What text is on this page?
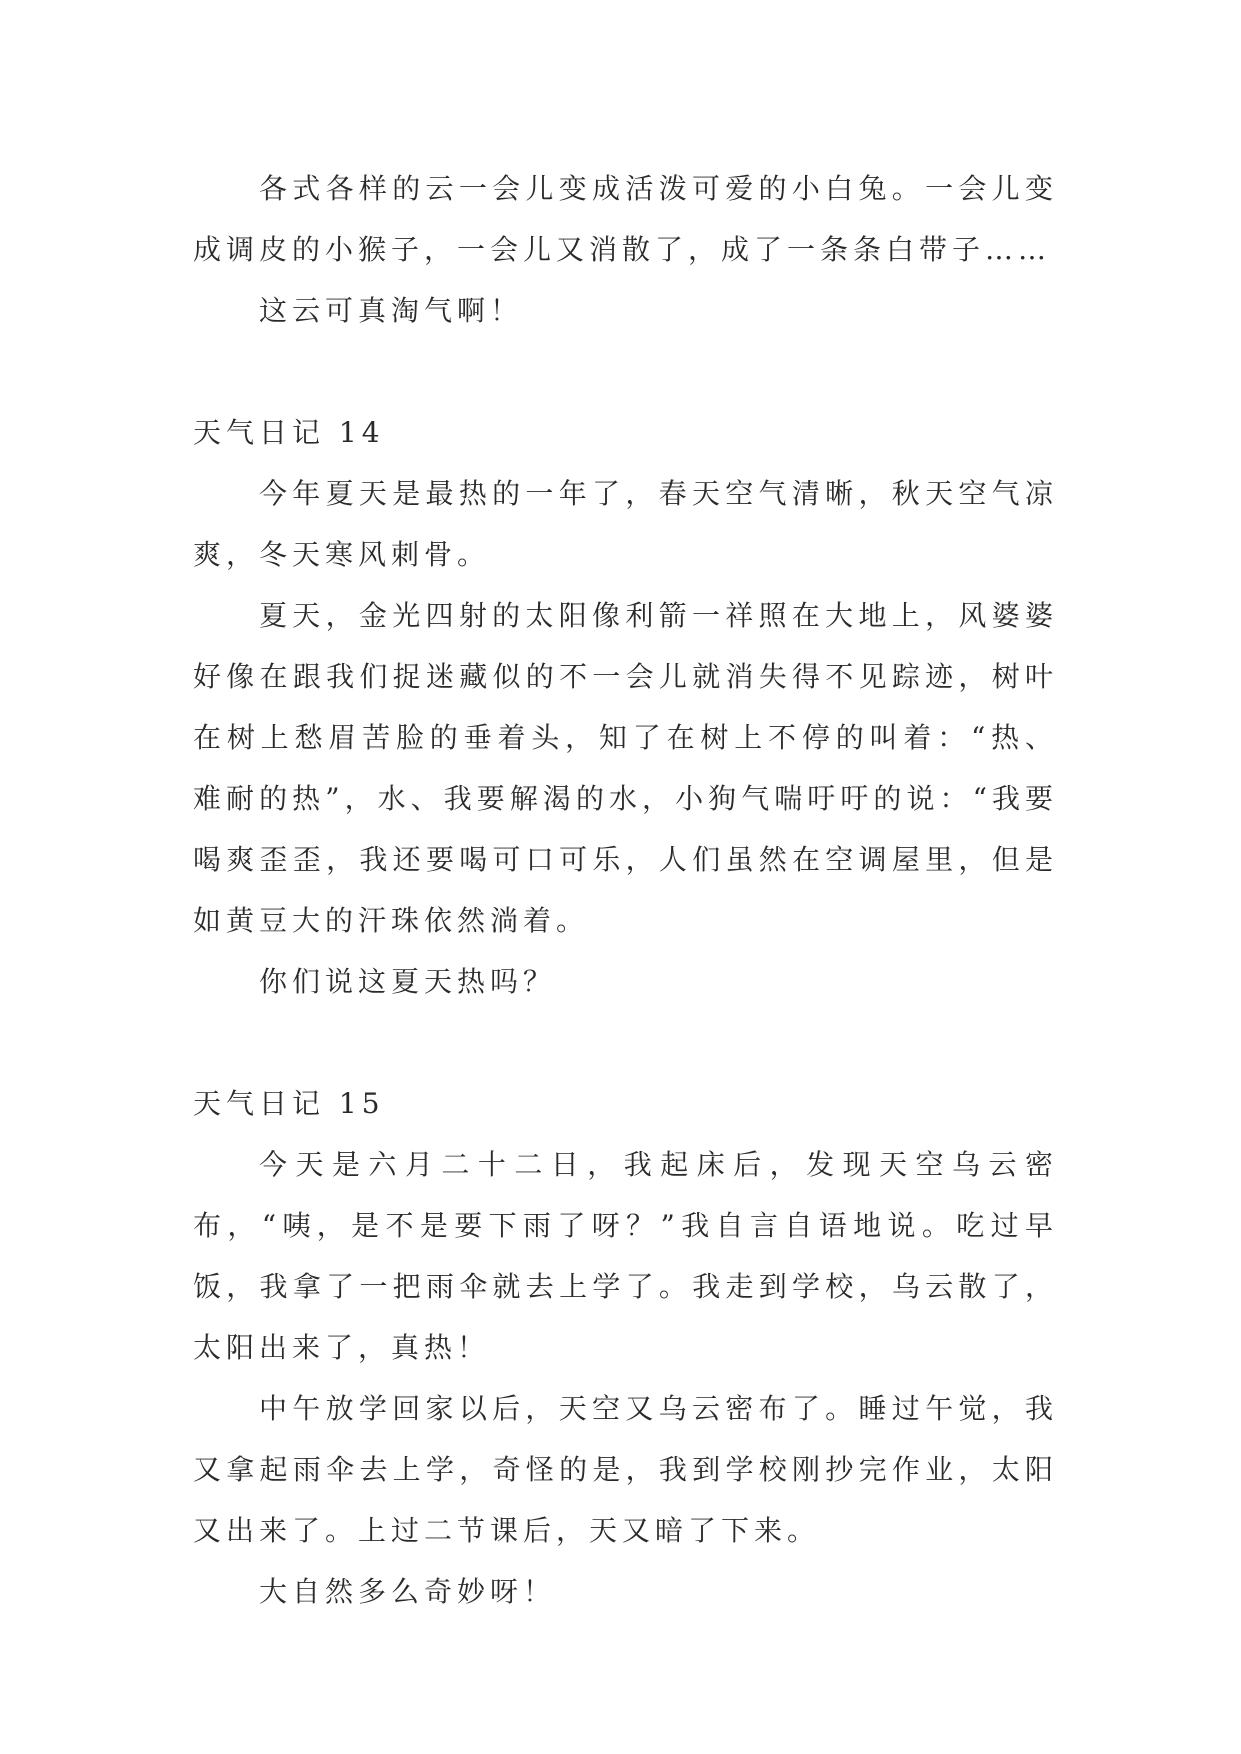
各式各样的云一会儿变成活泼可爱的小白兔。一会儿变成调皮的小猴子，一会儿又消散了，成了一条条白带子……

这云可真淘气啊！

天气日记 14

今年夏天是最热的一年了，春天空气清晰，秋天空气凉爽，冬天寒风刺骨。

夏天，金光四射的太阳像利箭一祥照在大地上，风婆婆好像在跟我们捉迷藏似的不一会儿就消失得不见踪迹，树叶在树上愁眉苦脸的垂着头，知了在树上不停的叫着：“热、难耐的热”，水、我要解渴的水，小狗气喘吁吁的说：“我要喝爽歪歪，我还要喝可口可乐，人们虽然在空调屋里，但是如黄豆大的汗珠依然淌着。

你们说这夏天热吗？

天气日记 15

今天是六月二十二日，我起床后，发现天空乌云密布，“咦，是不是要下雨了呀？”我自言自语地说。吃过早饭，我拿了一把雨伞就去上学了。我走到学校，乌云散了，太阳出来了，真热！

中午放学回家以后，天空又乌云密布了。睡过午觉，我又拿起雨伞去上学，奇怪的是，我到学校刚抄完作业，太阳又出来了。上过二节课后，天又暗了下来。

大自然多么奇妙呀！
